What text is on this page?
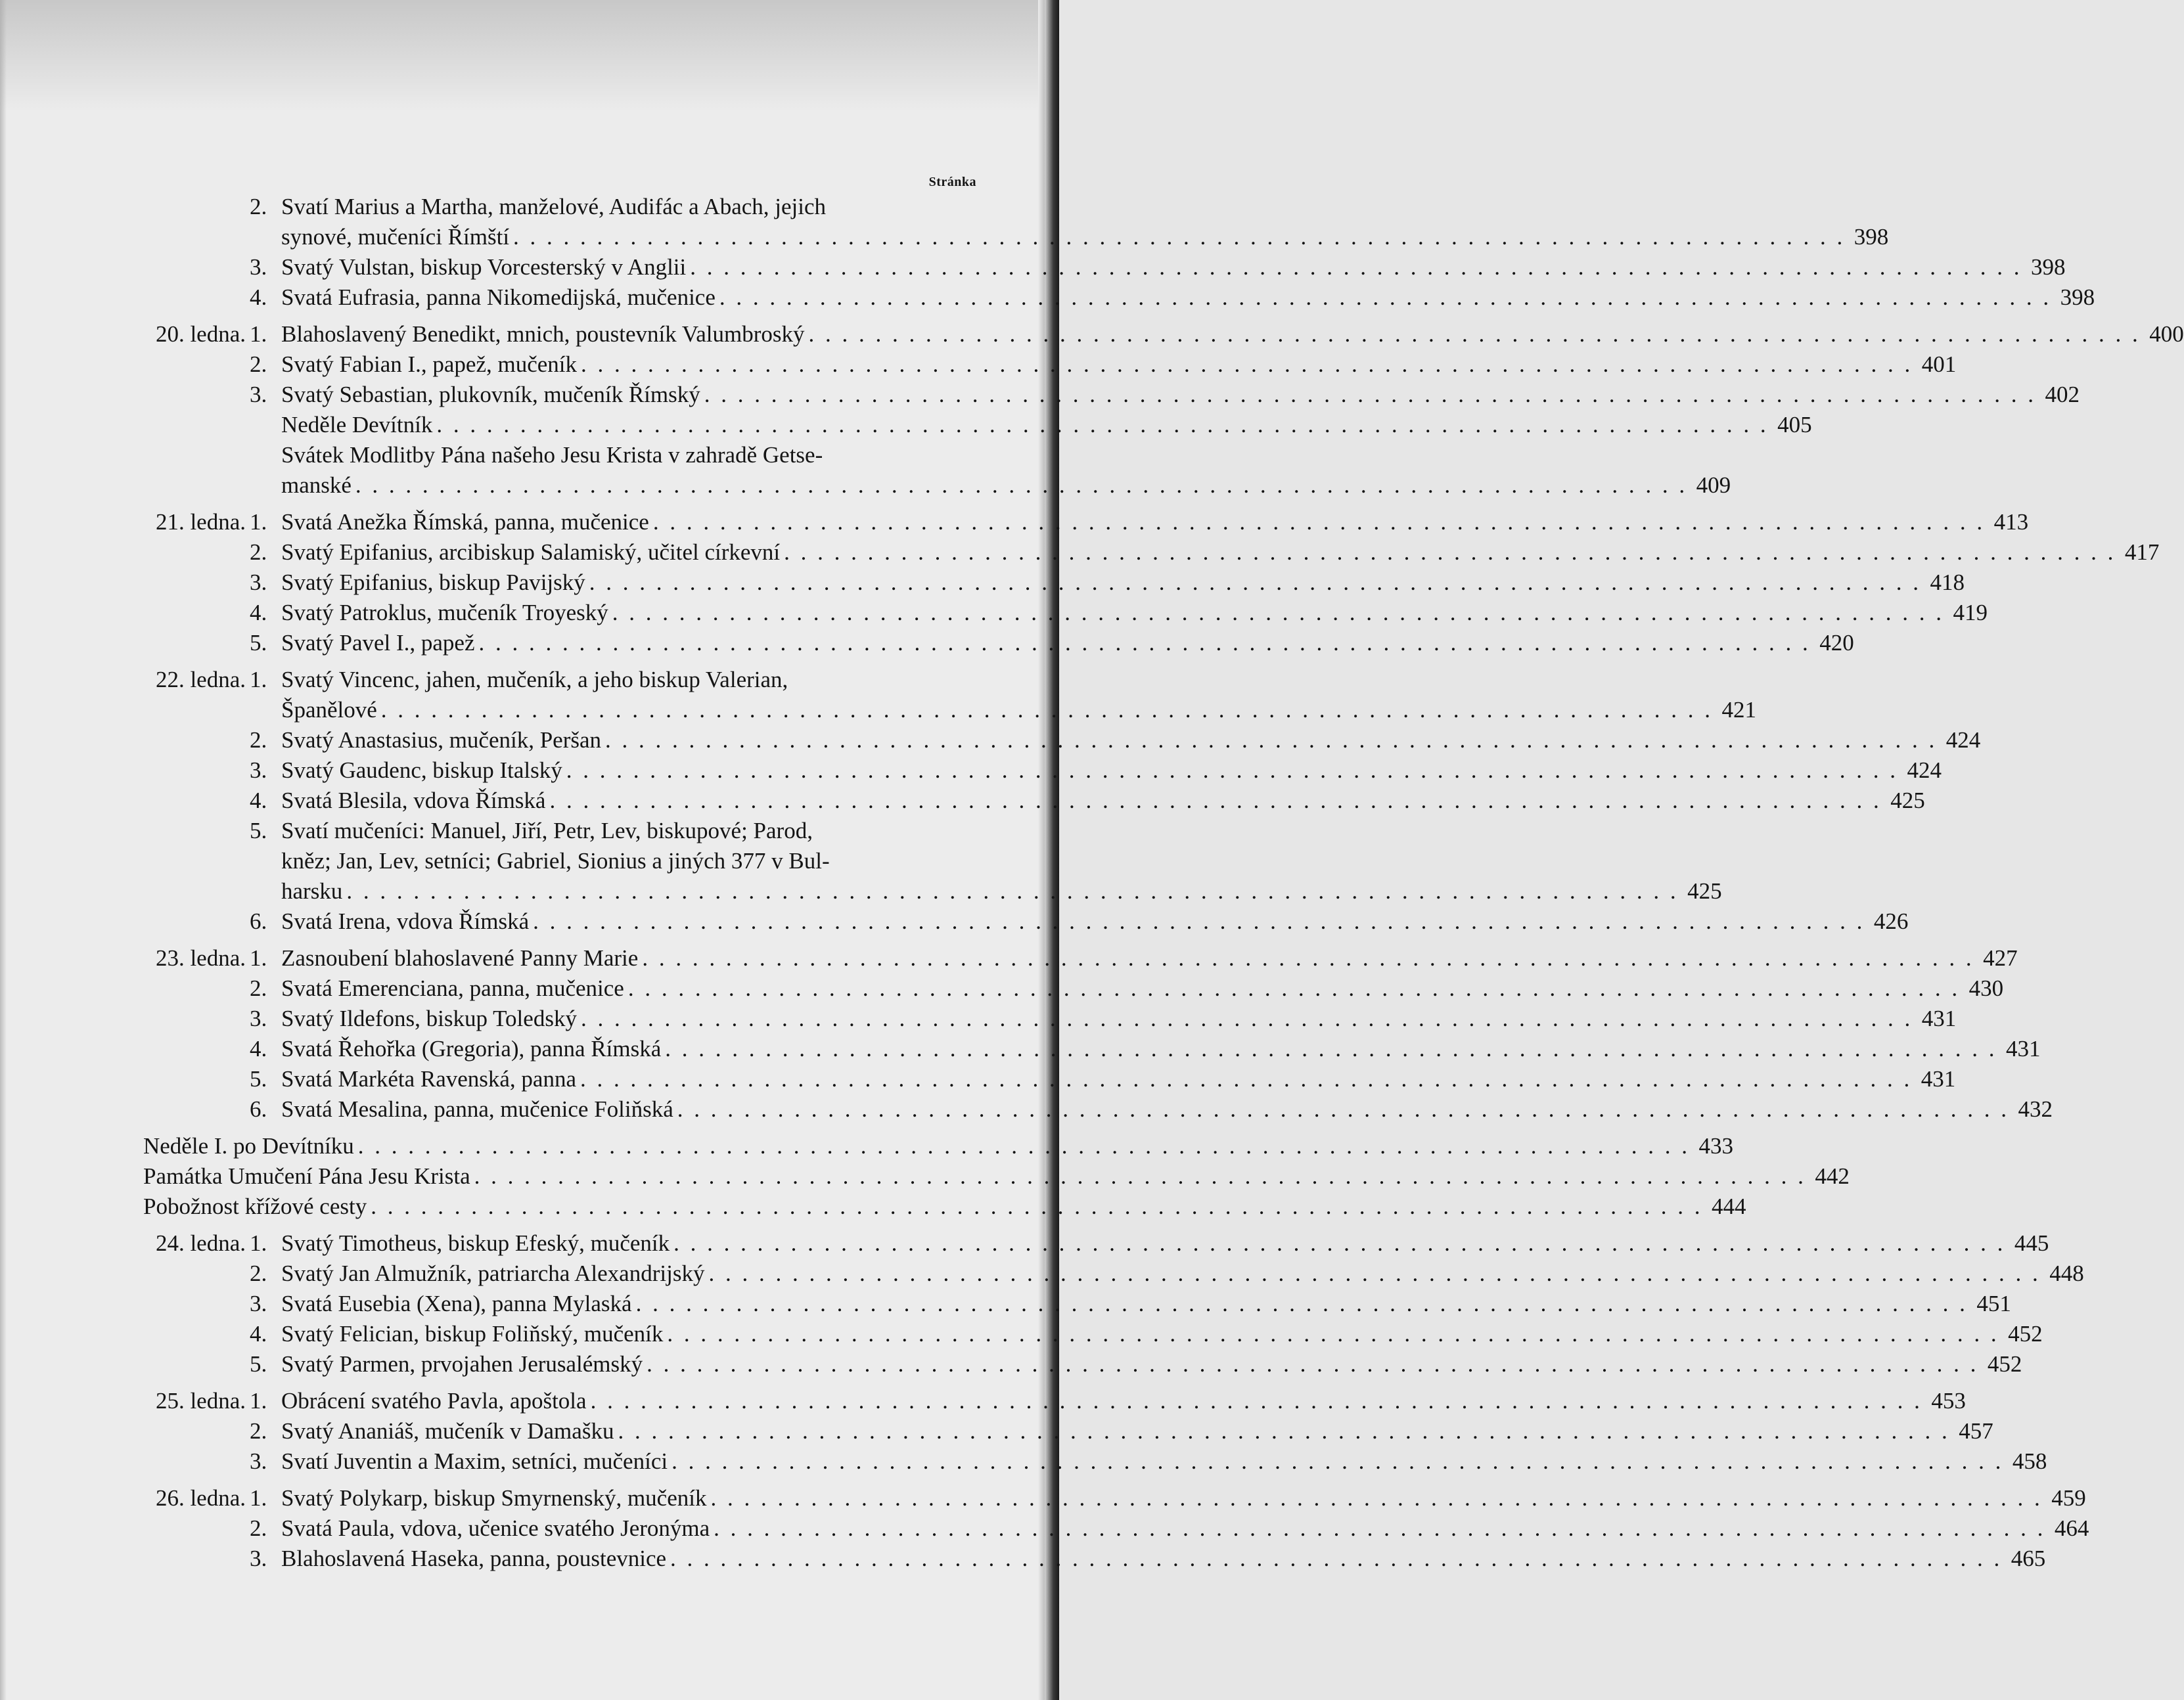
Stránka
2. Svatí Marius a Martha, manželové, Audifác a Abach, jejich
synové, mučeníci Římští . . .	398
3. Svatý Vulstan, biskup Vorcesterský v Anglii . . .	398
4. Svatá Eufrasia, panna Nikomedijská, mučenice . . .	398
20. ledna. 1. Blahoslavený Benedikt, mnich, poustevník Valumbroský . . .	400
2. Svatý Fabian I., papež, mučeník . . .	401
3. Svatý Sebastian, plukovník, mučeník Římský . . .	402
Neděle Devítník . . .	405
Svátek Modlitby Pána našeho Jesu Krista v zahradě Getse-
manské . . .	409
21. ledna. 1. Svatá Anežka Římská, panna, mučenice . . .	413
2. Svatý Epifanius, arcibiskup Salamiský, učitel církevní . . .	417
3. Svatý Epifanius, biskup Pavijský . . .	418
4. Svatý Patroklus, mučeník Troyeský . . .	419
5. Svatý Pavel I., papež . . .	420
22. ledna. 1. Svatý Vincenc, jahen, mučeník, a jeho biskup Valerian,
Španělové . . .	421
2. Svatý Anastasius, mučeník, Peršan . . .	424
3. Svatý Gaudenc, biskup Italský . . .	424
4. Svatá Blesila, vdova Římská . . .	425
5. Svatí mučeníci: Manuel, Jiří, Petr, Lev, biskupové; Parod,
kněz; Jan, Lev, setníci; Gabriel, Sionius a jiných 377 v Bul-
harsku . . .	425
6. Svatá Irena, vdova Římská . . .	426
23. ledna. 1. Zasnoubení blahoslavené Panny Marie . . .	427
2. Svatá Emerenciana, panna, mučenice . . .	430
3. Svatý Ildefons, biskup Toledský . . .	431
4. Svatá Řehořka (Gregoria), panna Římská . . .	431
5. Svatá Markéta Ravenská, panna . . .	431
6. Svatá Mesalina, panna, mučenice Foliňská . . .	432
Neděle I. po Devítníku . . .	433
Památka Umučení Pána Jesu Krista . . .	442
Pobožnost křížové cesty . . .	444
24. ledna. 1. Svatý Timotheus, biskup Efeský, mučeník . . .	445
2. Svatý Jan Almužník, patriarcha Alexandrijský . . .	448
3. Svatá Eusebia (Xena), panna Mylaská . . .	451
4. Svatý Felician, biskup Foliňský, mučeník . . .	452
5. Svatý Parmen, prvojahen Jerusalémský . . .	452
25. ledna. 1. Obrácení svatého Pavla, apoštola . . .	453
2. Svatý Ananiáš, mučeník v Damašku . . .	457
3. Svatí Juventin a Maxim, setníci, mučeníci . . .	458
26. ledna. 1. Svatý Polykarp, biskup Smyrnenský, mučeník . . .	459
2. Svatá Paula, vdova, učenice svatého Jeronýma . . .	464
3. Blahoslavená Haseka, panna, poustevnice . . .	465
